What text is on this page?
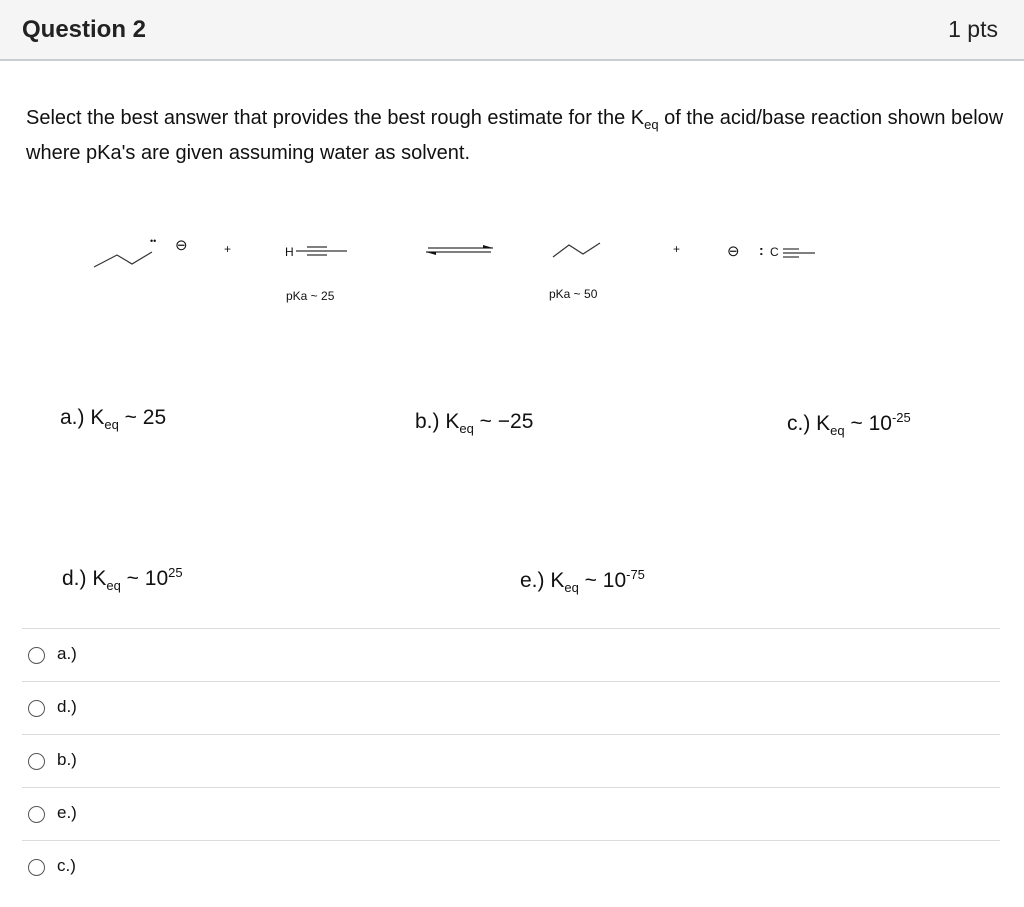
Question 2	1 pts
Select the best answer that provides the best rough estimate for the $K_{eq}$ of the acid/base reaction shown below where pKa's are given assuming water as solvent.
•• ⊖	+	H
pKa ~ 25	pKa ~ 50
+	⊖ : C
a.) $K_{eq}$ ~ 25	b.) $K_{eq}$ ~ −25	c.) $K_{eq}$ ~ $10^{-25}$
d.) $K_{eq}$ ~ $10^{25}$	e.) $K_{eq}$ ~ $10^{-75}$
a.)
d.)
b.)
e.)
c.)
